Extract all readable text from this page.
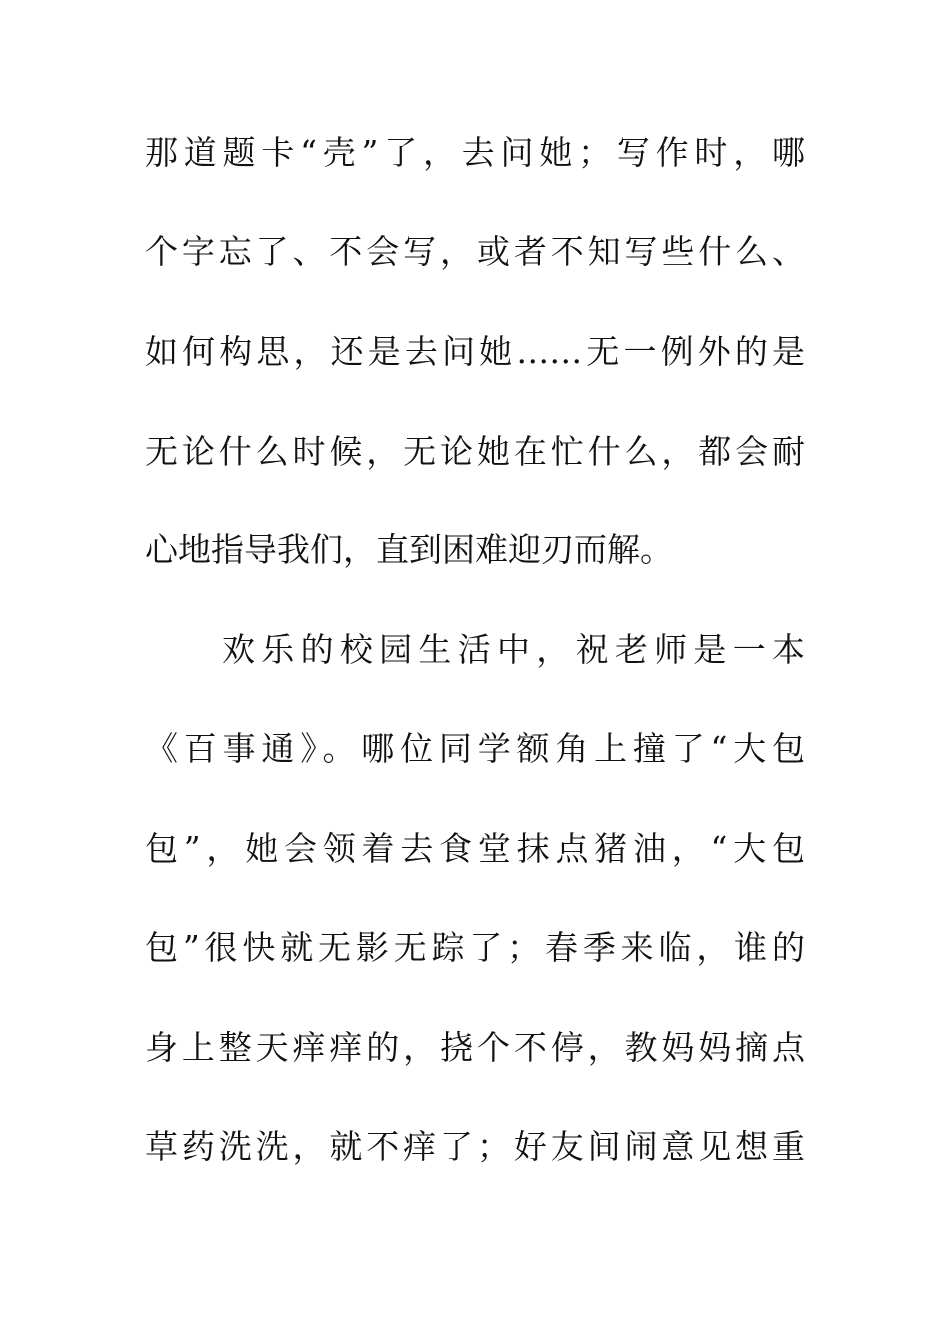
那道题卡“壳”了，去问她；写作时，哪
个字忘了、不会写，或者不知写些什么、
如何构思，还是去问她……无一例外的是
无论什么时候，无论她在忙什么，都会耐
心地指导我们，直到困难迎刃而解。
欢乐的校园生活中，祝老师是一本
《百事通》。哪位同学额角上撞了“大包
包”，她会领着去食堂抹点猪油，“大包
包”很快就无影无踪了；春季来临，谁的
身上整天痒痒的，挠个不停，教妈妈摘点
草药洗洗，就不痒了；好友间闹意见想重
